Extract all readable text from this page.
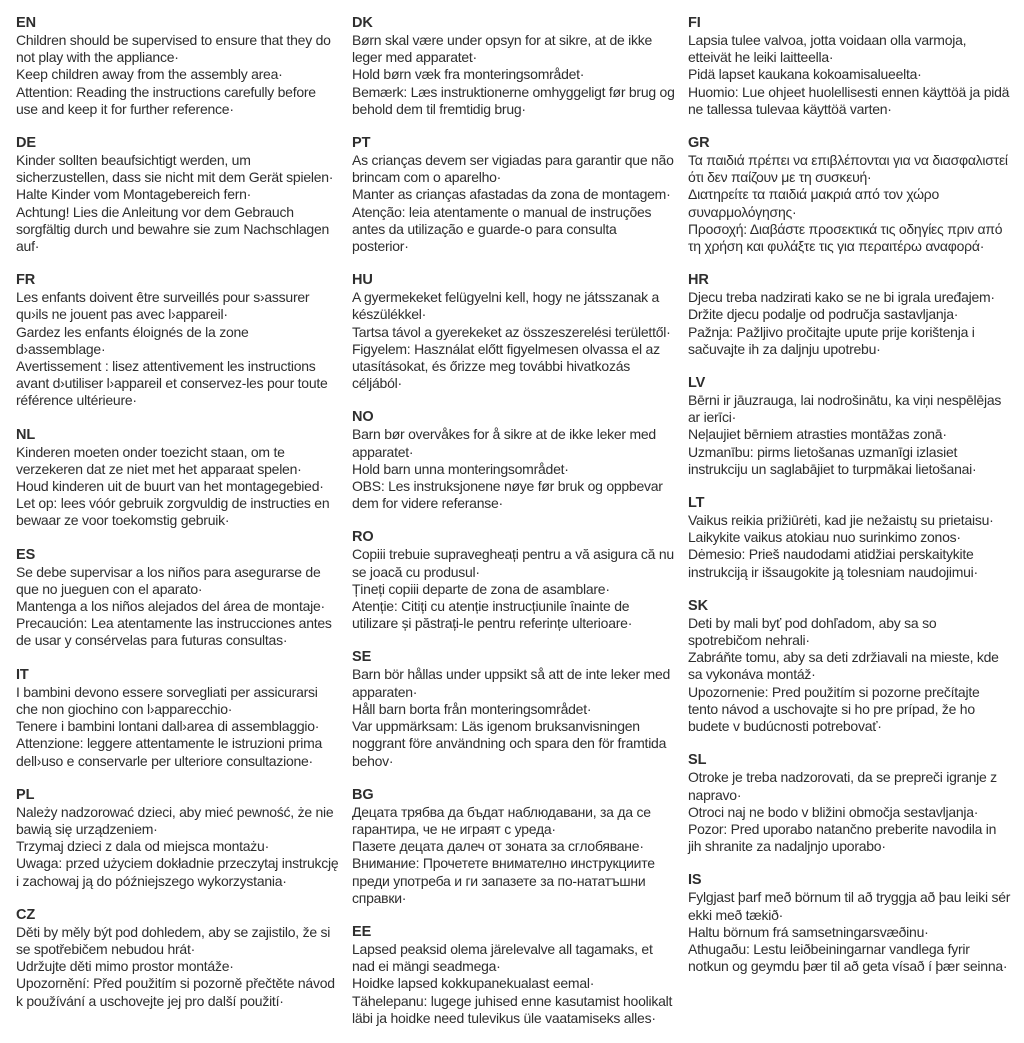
EN
Children should be supervised to ensure that they do not play with the appliance·
Keep children away from the assembly area·
Attention: Reading the instructions carefully before use and keep it for further reference·
DE
Kinder sollten beaufsichtigt werden, um sicherzustellen, dass sie nicht mit dem Gerät spielen·
Halte Kinder vom Montagebereich fern·
Achtung! Lies die Anleitung vor dem Gebrauch sorgfältig durch und bewahre sie zum Nachschlagen auf·
FR
Les enfants doivent être surveillés pour s›assurer qu›ils ne jouent pas avec l›appareil·
Gardez les enfants éloignés de la zone d›assemblage·
Avertissement : lisez attentivement les instructions avant d›utiliser l›appareil et conservez-les pour toute référence ultérieure·
NL
Kinderen moeten onder toezicht staan, om te verzekeren dat ze niet met het apparaat spelen·
Houd kinderen uit de buurt van het montagegebied·
Let op: lees vóór gebruik zorgvuldig de instructies en bewaar ze voor toekomstig gebruik·
ES
Se debe supervisar a los niños para asegurarse de que no jueguen con el aparato·
Mantenga a los niños alejados del área de montaje·
Precaución: Lea atentamente las instrucciones antes de usar y consérvelas para futuras consultas·
IT
I bambini devono essere sorvegliati per assicurarsi che non giochino con l›apparecchio·
Tenere i bambini lontani dall›area di assemblaggio·
Attenzione: leggere attentamente le istruzioni prima dell›uso e conservarle per ulteriore consultazione·
PL
Należy nadzorować dzieci, aby mieć pewność, że nie bawią się urządzeniem·
Trzymaj dzieci z dala od miejsca montażu·
Uwaga: przed użyciem dokładnie przeczytaj instrukcję i zachowaj ją do późniejszego wykorzystania·
CZ
Děti by měly být pod dohledem, aby se zajistilo, že si se spotřebičem nebudou hrát·
Udržujte děti mimo prostor montáže·
Upozornění: Před použitím si pozorně přečtěte návod k používání a uschovejte jej pro další použití·
DK
Børn skal være under opsyn for at sikre, at de ikke leger med apparatet·
Hold børn væk fra monteringsområdet·
Bemærk: Læs instruktionerne omhyggeligt før brug og behold dem til fremtidig brug·
PT
As crianças devem ser vigiadas para garantir que não brincam com o aparelho·
Manter as crianças afastadas da zona de montagem·
Atenção: leia atentamente o manual de instruções antes da utilização e guarde-o para consulta posterior·
HU
A gyermekeket felügyelni kell, hogy ne játsszanak a készülékkel·
Tartsa távol a gyerekeket az összeszerelési területtől·
Figyelem: Használat előtt figyelmesen olvassa el az utasításokat, és őrizze meg további hivatkozás céljából·
NO
Barn bør overvåkes for å sikre at de ikke leker med apparatet·
Hold barn unna monteringsområdet·
OBS: Les instruksjonene nøye før bruk og oppbevar dem for videre referanse·
RO
Copiii trebuie supravegheați pentru a vă asigura că nu se joacă cu produsul·
Țineți copiii departe de zona de asamblare·
Atenție: Citiți cu atenție instrucțiunile înainte de utilizare și păstrați-le pentru referințe ulterioare·
SE
Barn bör hållas under uppsikt så att de inte leker med apparaten·
Håll barn borta från monteringsområdet·
Var uppmärksam: Läs igenom bruksanvisningen noggrant före användning och spara den för framtida behov·
BG
Децата трябва да бъдат наблюдавани, за да се гарантира, че не играят с уреда·
Пазете децата далеч от зоната за сглобяване·
Внимание: Прочетете внимателно инструкциите преди употреба и ги запазете за по-нататъшни справки·
EE
Lapsed peaksid olema järelevalve all tagamaks, et nad ei mängi seadmega·
Hoidke lapsed kokkupanekualast eemal·
Tähelepanu: lugege juhised enne kasutamist hoolikalt läbi ja hoidke need tulevikus üle vaatamiseks alles·
FI
Lapsia tulee valvoa, jotta voidaan olla varmoja, etteivät he leiki laitteella·
Pidä lapset kaukana kokoamisalueelta·
Huomio: Lue ohjeet huolellisesti ennen käyttöä ja pidä ne tallessa tulevaa käyttöä varten·
GR
Τα παιδιά πρέπει να επιβλέπονται για να διασφαλιστεί ότι δεν παίζουν με τη συσκευή·
Διατηρείτε τα παιδιά μακριά από τον χώρο συναρμολόγησης·
Προσοχή: Διαβάστε προσεκτικά τις οδηγίες πριν από τη χρήση και φυλάξτε τις για περαιτέρω αναφορά·
HR
Djecu treba nadzirati kako se ne bi igrala uređajem·
Držite djecu podalje od područja sastavljanja·
Pažnja: Pažljivo pročitajte upute prije korištenja i sačuvajte ih za daljnju upotrebu·
LV
Bērni ir jāuzrauga, lai nodrošinātu, ka viņi nespēlējas ar ierīci·
Neļaujiet bērniem atrasties montāžas zonā·
Uzmanību: pirms lietošanas uzmanīgi izlasiet instrukciju un saglabājiet to turpmākai lietošanai·
LT
Vaikus reikia prižiūrėti, kad jie nežaistų su prietaisu·
Laikykite vaikus atokiau nuo surinkimo zonos·
Dėmesio: Prieš naudodami atidžiai perskaitykite instrukciją ir išsaugokite ją tolesniam naudojimui·
SK
Deti by mali byť pod dohľadom, aby sa so spotrebičom nehrali·
Zabráňte tomu, aby sa deti zdržiavali na mieste, kde sa vykonáva montáž·
Upozornenie: Pred použitím si pozorne prečítajte tento návod a uschovajte si ho pre prípad, že ho budete v budúcnosti potrebovať·
SL
Otroke je treba nadzorovati, da se prepreči igranje z napravo·
Otroci naj ne bodo v bližini območja sestavljanja·
Pozor: Pred uporabo natančno preberite navodila in jih shranite za nadaljnjo uporabo·
IS
Fylgjast þarf með börnum til að tryggja að þau leiki sér ekki með tækið·
Haltu börnum frá samsetningarsvæðinu·
Athugaðu: Lestu leiðbeiningarnar vandlega fyrir notkun og geymdu þær til að geta vísað í þær seinna·
